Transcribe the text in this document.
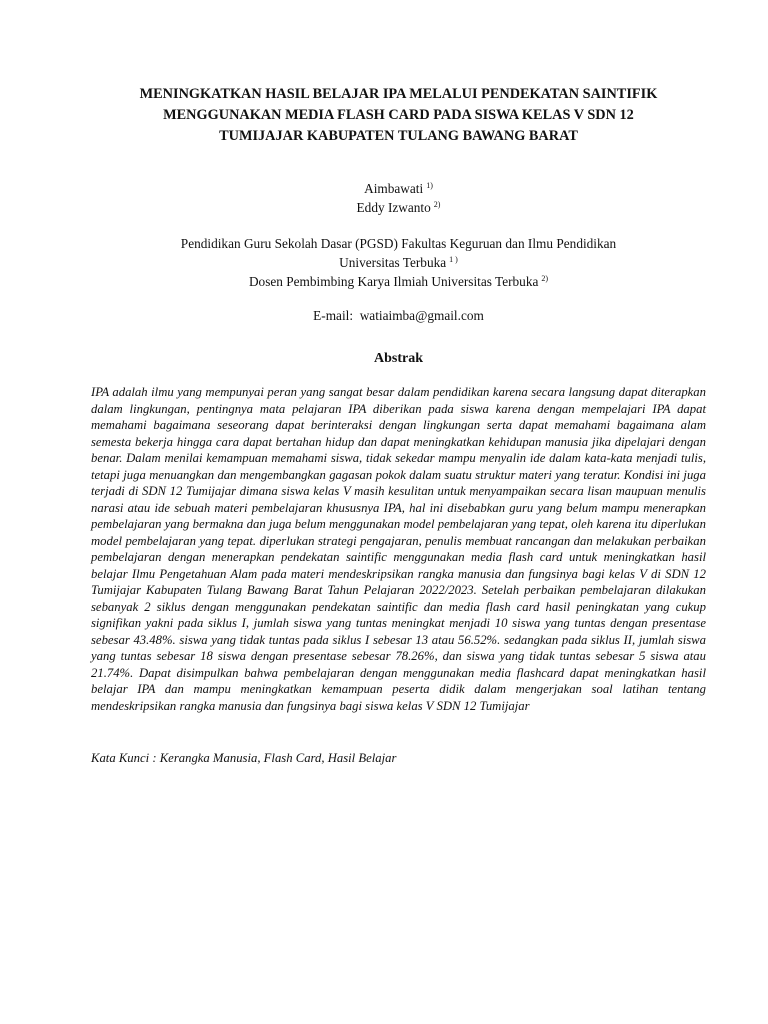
MENINGKATKAN HASIL BELAJAR IPA MELALUI PENDEKATAN SAINTIFIK
MENGGUNAKAN MEDIA FLASH CARD PADA SISWA KELAS V SDN 12
TUMIJAJAR KABUPATEN TULANG BAWANG BARAT
Aimbawati $^{1)}$
Eddy Izwanto $^{2)}$
Pendidikan Guru Sekolah Dasar (PGSD) Fakultas Keguruan dan Ilmu Pendidikan
Universitas Terbuka $^{1 )}$
Dosen Pembimbing Karya Ilmiah Universitas Terbuka $^{2)}$
E-mail: watiaimba@gmail.com
Abstrak

IPA adalah ilmu yang mempunyai peran yang sangat besar dalam pendidikan karena secara langsung dapat diterapkan dalam lingkungan, pentingnya mata pelajaran IPA diberikan pada siswa karena dengan mempelajari IPA dapat memahami bagaimana seseorang dapat berinteraksi dengan lingkungan serta dapat memahami bagaimana alam semesta bekerja hingga cara dapat bertahan hidup dan dapat meningkatkan kehidupan manusia jika dipelajari dengan benar. Dalam menilai kemampuan memahami siswa, tidak sekedar mampu menyalin ide dalam kata-kata menjadi tulis, tetapi juga menuangkan dan mengembangkan gagasan pokok dalam suatu struktur materi yang teratur. Kondisi ini juga terjadi di SDN 12 Tumijajar dimana siswa kelas V masih kesulitan untuk menyampaikan secara lisan maupuan menulis narasi atau ide sebuah materi pembelajaran khususnya IPA, hal ini disebabkan guru yang belum mampu menerapkan pembelajaran yang bermakna dan juga belum menggunakan model pembelajaran yang tepat, oleh karena itu diperlukan model pembelajaran yang tepat. diperlukan strategi pengajaran, penulis membuat rancangan dan melakukan perbaikan pembelajaran dengan menerapkan pendekatan saintific menggunakan media flash card untuk meningkatkan hasil belajar Ilmu Pengetahuan Alam pada materi mendeskripsikan rangka manusia dan fungsinya bagi kelas V di SDN 12 Tumijajar Kabupaten Tulang Bawang Barat Tahun Pelajaran 2022/2023. Setelah perbaikan pembelajaran dilakukan sebanyak 2 siklus dengan menggunakan pendekatan saintific dan media flash card hasil peningkatan yang cukup signifikan yakni pada siklus I, jumlah siswa yang tuntas meningkat menjadi 10 siswa yang tuntas dengan presentase sebesar 43.48%. siswa yang tidak tuntas pada siklus I sebesar 13 atau 56.52%. sedangkan pada siklus II, jumlah siswa yang tuntas sebesar 18 siswa dengan presentase sebesar 78.26%, dan siswa yang tidak tuntas sebesar 5 siswa atau 21.74%. Dapat disimpulkan bahwa pembelajaran dengan menggunakan media flashcard dapat meningkatkan hasil belajar IPA dan mampu meningkatkan kemampuan peserta didik dalam mengerjakan soal latihan tentang mendeskripsikan rangka manusia dan fungsinya bagi siswa kelas V SDN 12 Tumijajar

Kata Kunci : Kerangka Manusia, Flash Card, Hasil Belajar
